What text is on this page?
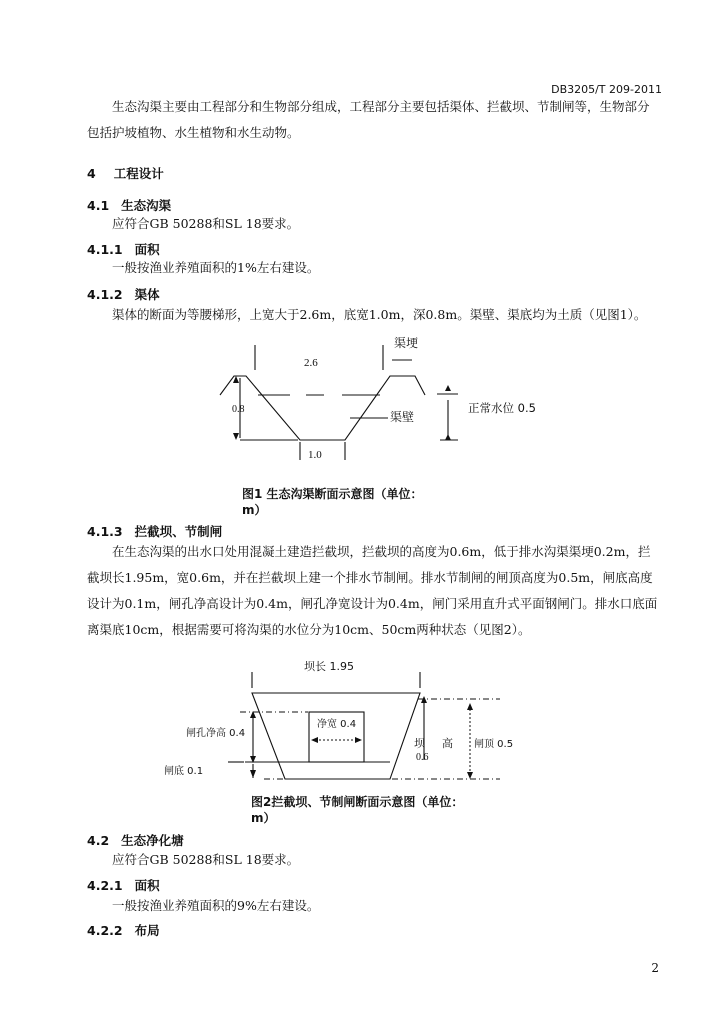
DB3205/T 209-2011
生态沟渠主要由工程部分和生物部分组成，工程部分主要包括渠体、拦截坝、节制闸等，生物部分
包括护坡植物、水生植物和水生动物。
4 工程设计
4.1 生态沟渠
应符合GB 50288和SL 18要求。
4.1.1 面积
一般按渔业养殖面积的1%左右建设。
4.1.2 渠体
渠体的断面为等腰梯形，上宽大于2.6m，底宽1.0m，深0.8m。渠壁、渠底均为土质（见图1）。
2.6
0.8
1.0
渠埂
渠壁
正常水位 0.5
图1 生态沟渠断面示意图（单位：
m）
4.1.3 拦截坝、节制闸
在生态沟渠的出水口处用混凝土建造拦截坝，拦截坝的高度为0.6m，低于排水沟渠渠埂0.2m，拦
截坝长1.95m，宽0.6m，并在拦截坝上建一个排水节制闸。排水节制闸的闸顶高度为0.5m，闸底高度
设计为0.1m，闸孔净高设计为0.4m，闸孔净宽设计为0.4m，闸门采用直升式平面钢闸门。排水口底面
离渠底10cm，根据需要可将沟渠的水位分为10cm、50cm两种状态（见图2）。
坝长 1.95
净宽 0.4
闸孔净高 0.4
闸底 0.1
坝 高
0.6
闸顶 0.5
图2拦截坝、节制闸断面示意图（单位：
m）
4.2 生态净化塘
应符合GB 50288和SL 18要求。
4.2.1 面积
一般按渔业养殖面积的9%左右建设。
4.2.2 布局
2
